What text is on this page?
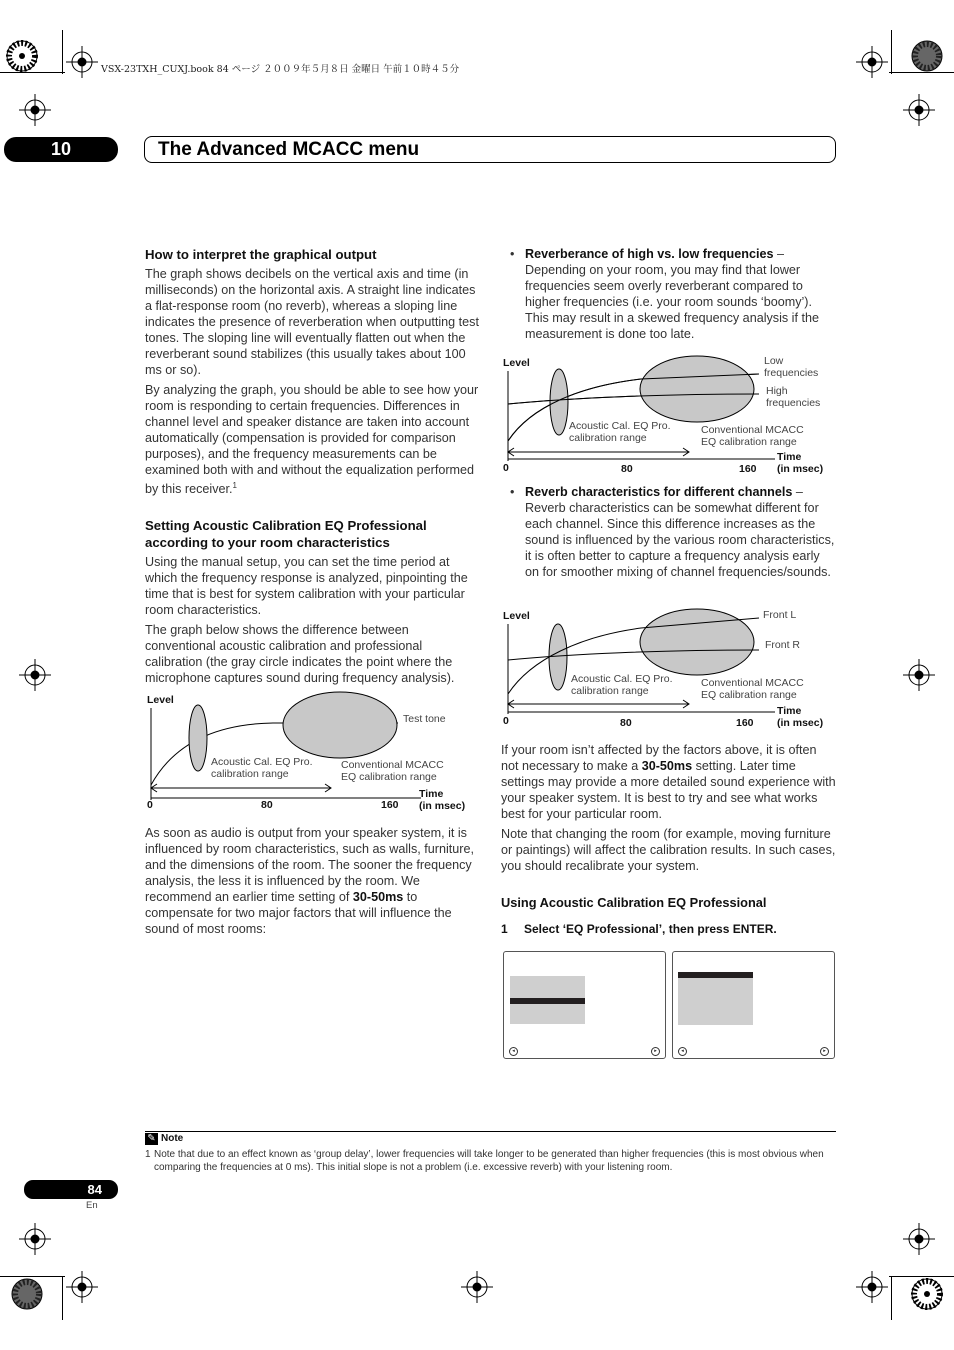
VSX-23TXH_CUXJ.book 84 ページ ２００９年５月８日 金曜日 午前１０時４５分
10	The Advanced MCACC menu
How to interpret the graphical output

The graph shows decibels on the vertical axis and time (in milliseconds) on the horizontal axis. A straight line indicates a flat-response room (no reverb), whereas a sloping line indicates the presence of reverberation when outputting test tones. The sloping line will eventually flatten out when the reverberant sound stabilizes (this usually takes about 100 ms or so).

By analyzing the graph, you should be able to see how your room is responding to certain frequencies. Differences in channel level and speaker distance are taken into account automatically (compensation is provided for comparison purposes), and the frequency measurements can be examined both with and without the equalization performed by this receiver.$^1$

Setting Acoustic Calibration EQ Professional according to your room characteristics

Using the manual setup, you can set the time period at which the frequency response is analyzed, pinpointing the time that is best for system calibration with your particular room characteristics.

The graph below shows the difference between conventional acoustic calibration and professional calibration (the gray circle indicates the point where the microphone captures sound during frequency analysis).

Level
Test tone
Acoustic Cal. EQ Pro.
calibration range
Conventional MCACC
EQ calibration range
0	80	160
Time
(in msec)

As soon as audio is output from your speaker system, it is influenced by room characteristics, such as walls, furniture, and the dimensions of the room. The sooner the frequency analysis, the less it is influenced by the room. We recommend an earlier time setting of 30-50ms to compensate for two major factors that will influence the sound of most rooms:

• Reverberance of high vs. low frequencies – Depending on your room, you may find that lower frequencies seem overly reverberant compared to higher frequencies (i.e. your room sounds ‘boomy’). This may result in a skewed frequency analysis if the measurement is done too late.
Level	Low
frequencies
High
frequencies
Acoustic Cal. EQ Pro.
calibration range
Conventional MCACC
EQ calibration range
0	80	160
Time
(in msec)
• Reverb characteristics for different channels – Reverb characteristics can be somewhat different for each channel. Since this difference increases as the sound is influenced by the various room characteristics, it is often better to capture a frequency analysis early on for smoother mixing of channel frequencies/sounds.
Level	Front L
Front R
Acoustic Cal. EQ Pro.
calibration range
Conventional MCACC
EQ calibration range
0	80	160
Time
(in msec)

If your room isn’t affected by the factors above, it is often not necessary to make a 30-50ms setting. Later time settings may provide a more detailed sound experience with your speaker system. It is best to try and see what works best for your particular room.

Note that changing the room (for example, moving furniture or paintings) will affect the calibration results. In such cases, you should recalibrate your system.

Using Acoustic Calibration EQ Professional
1 Select ‘EQ Professional’, then press ENTER.
◂	▸	◂	▸
✎ Note
1 Note that due to an effect known as ‘group delay’, lower frequencies will take longer to be generated than higher frequencies (this is most obvious when comparing the frequencies at 0 ms). This initial slope is not a problem (i.e. excessive reverb) with your listening room.
84
En
